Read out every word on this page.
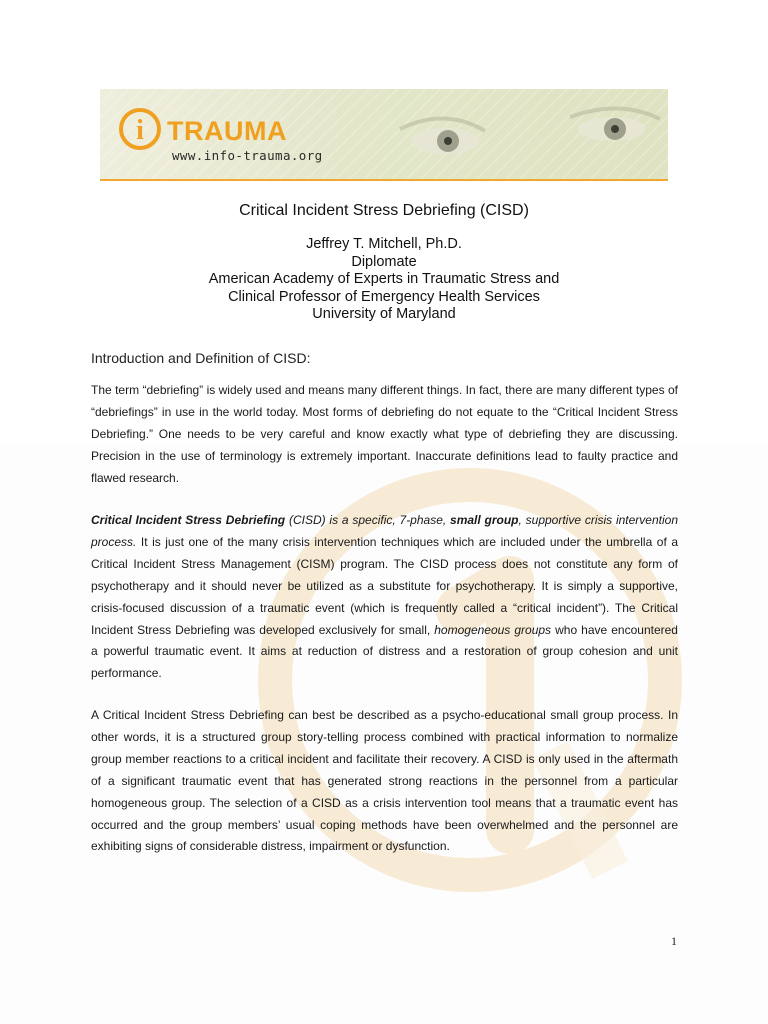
i TRAUMA
www.info-trauma.org
Critical Incident Stress Debriefing (CISD)
Jeffrey T. Mitchell, Ph.D.
Diplomate
American Academy of Experts in Traumatic Stress and
Clinical Professor of Emergency Health Services
University of Maryland
Introduction and Definition of CISD:

The term “debriefing” is widely used and means many different things. In fact, there are many different types of “debriefings” in use in the world today. Most forms of debriefing do not equate to the “Critical Incident Stress Debriefing.” One needs to be very careful and know exactly what type of debriefing they are discussing. Precision in the use of terminology is extremely important. Inaccurate definitions lead to faulty practice and flawed research.

Critical Incident Stress Debriefing (CISD) is a specific, 7-phase, small group, supportive crisis intervention process. It is just one of the many crisis intervention techniques which are included under the umbrella of a Critical Incident Stress Management (CISM) program. The CISD process does not constitute any form of psychotherapy and it should never be utilized as a substitute for psychotherapy. It is simply a supportive, crisis-focused discussion of a traumatic event (which is frequently called a “critical incident”). The Critical Incident Stress Debriefing was developed exclusively for small, homogeneous groups who have encountered a powerful traumatic event. It aims at reduction of distress and a restoration of group cohesion and unit performance.

A Critical Incident Stress Debriefing can best be described as a psycho-educational small group process. In other words, it is a structured group story-telling process combined with practical information to normalize group member reactions to a critical incident and facilitate their recovery. A CISD is only used in the aftermath of a significant traumatic event that has generated strong reactions in the personnel from a particular homogeneous group. The selection of a CISD as a crisis intervention tool means that a traumatic event has occurred and the group members’ usual coping methods have been overwhelmed and the personnel are exhibiting signs of considerable distress, impairment or dysfunction.

1
